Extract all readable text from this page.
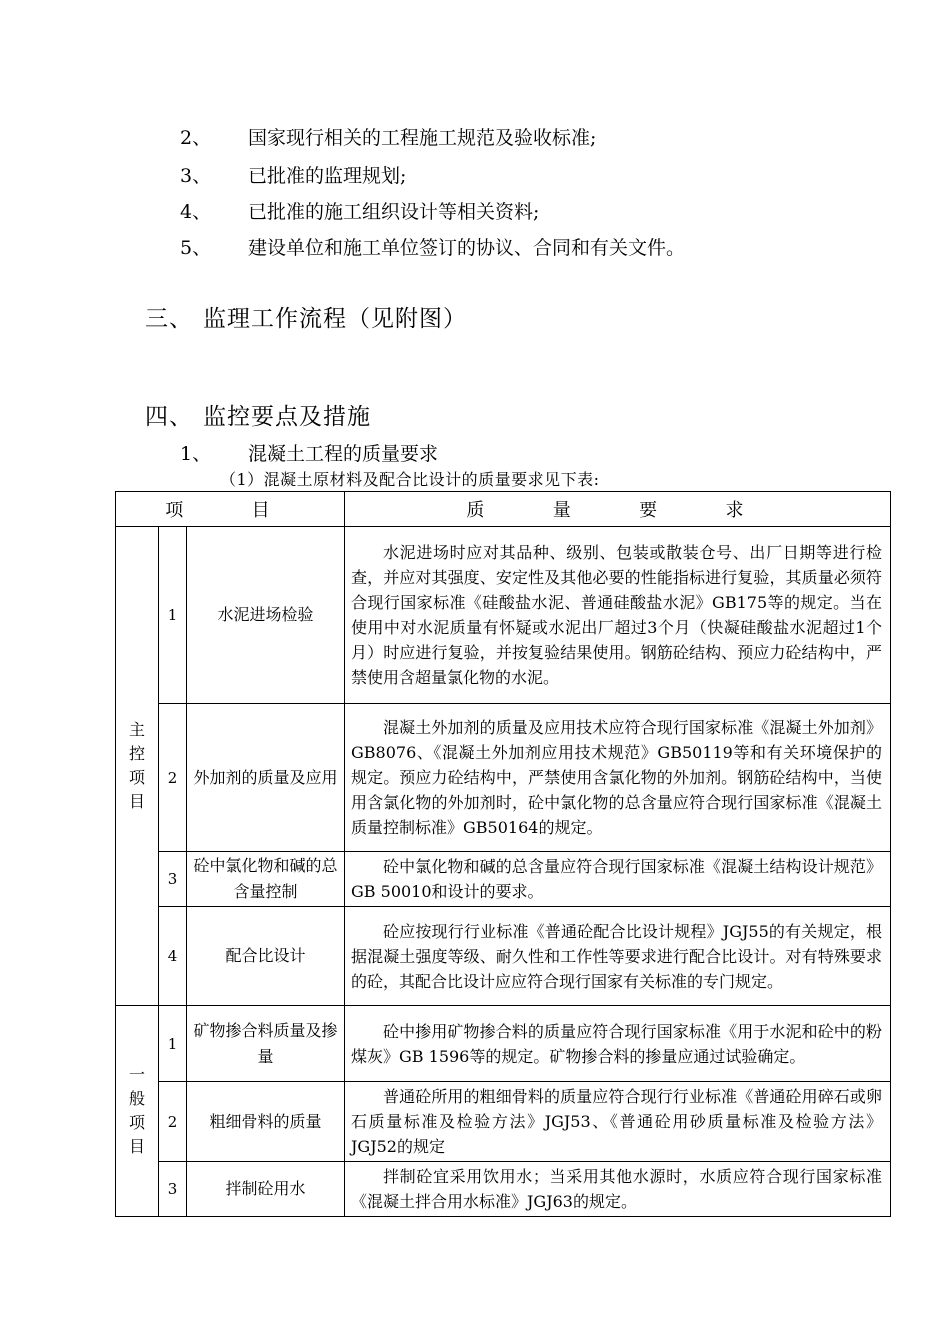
2、 国家现行相关的工程施工规范及验收标准;
3、 已批准的监理规划;
4、 已批准的施工组织设计等相关资料;
5、 建设单位和施工单位签订的协议、合同和有关文件。
三、 监理工作流程（见附图）
四、 监控要点及措施
1、 混凝土工程的质量要求
（1）混凝土原材料及配合比设计的质量要求见下表:
项　目			质　量　要　求

主控项目	1	水泥进场检验	水泥进场时应对其品种、级别、包装或散装仓号、出厂日期等进行检查，并应对其强度、安定性及其他必要的性能指标进行复验，其质量必须符合现行国家标准《硅酸盐水泥、普通硅酸盐水泥》GB175等的规定。当在使用中对水泥质量有怀疑或水泥出厂超过3个月（快凝硅酸盐水泥超过1个月）时应进行复验，并按复验结果使用。钢筋砼结构、预应力砼结构中，严禁使用含超量氯化物的水泥。
	2	外加剂的质量及应用	混凝土外加剂的质量及应用技术应符合现行国家标准《混凝土外加剂》GB8076、《混凝土外加剂应用技术规范》GB50119等和有关环境保护的规定。预应力砼结构中，严禁使用含氯化物的外加剂。钢筋砼结构中，当使用含氯化物的外加剂时，砼中氯化物的总含量应符合现行国家标准《混凝土质量控制标准》GB50164的规定。
	3	砼中氯化物和碱的总含量控制	砼中氯化物和碱的总含量应符合现行国家标准《混凝土结构设计规范》GB 50010和设计的要求。
	4	配合比设计	砼应按现行行业标准《普通砼配合比设计规程》JGJ55的有关规定，根据混凝土强度等级、耐久性和工作性等要求进行配合比设计。对有特殊要求的砼，其配合比设计应应符合现行国家有关标准的专门规定。

一般项目	1	矿物掺合料质量及掺量	砼中掺用矿物掺合料的质量应符合现行国家标准《用于水泥和砼中的粉煤灰》GB 1596等的规定。矿物掺合料的掺量应通过试验确定。
	2	粗细骨料的质量	普通砼所用的粗细骨料的质量应符合现行行业标准《普通砼用碎石或卵石质量标准及检验方法》JGJ53、《普通砼用砂质量标准及检验方法》JGJ52的规定
	3	拌制砼用水	拌制砼宜采用饮用水；当采用其他水源时，水质应符合现行国家标准《混凝土拌合用水标准》JGJ63的规定。
